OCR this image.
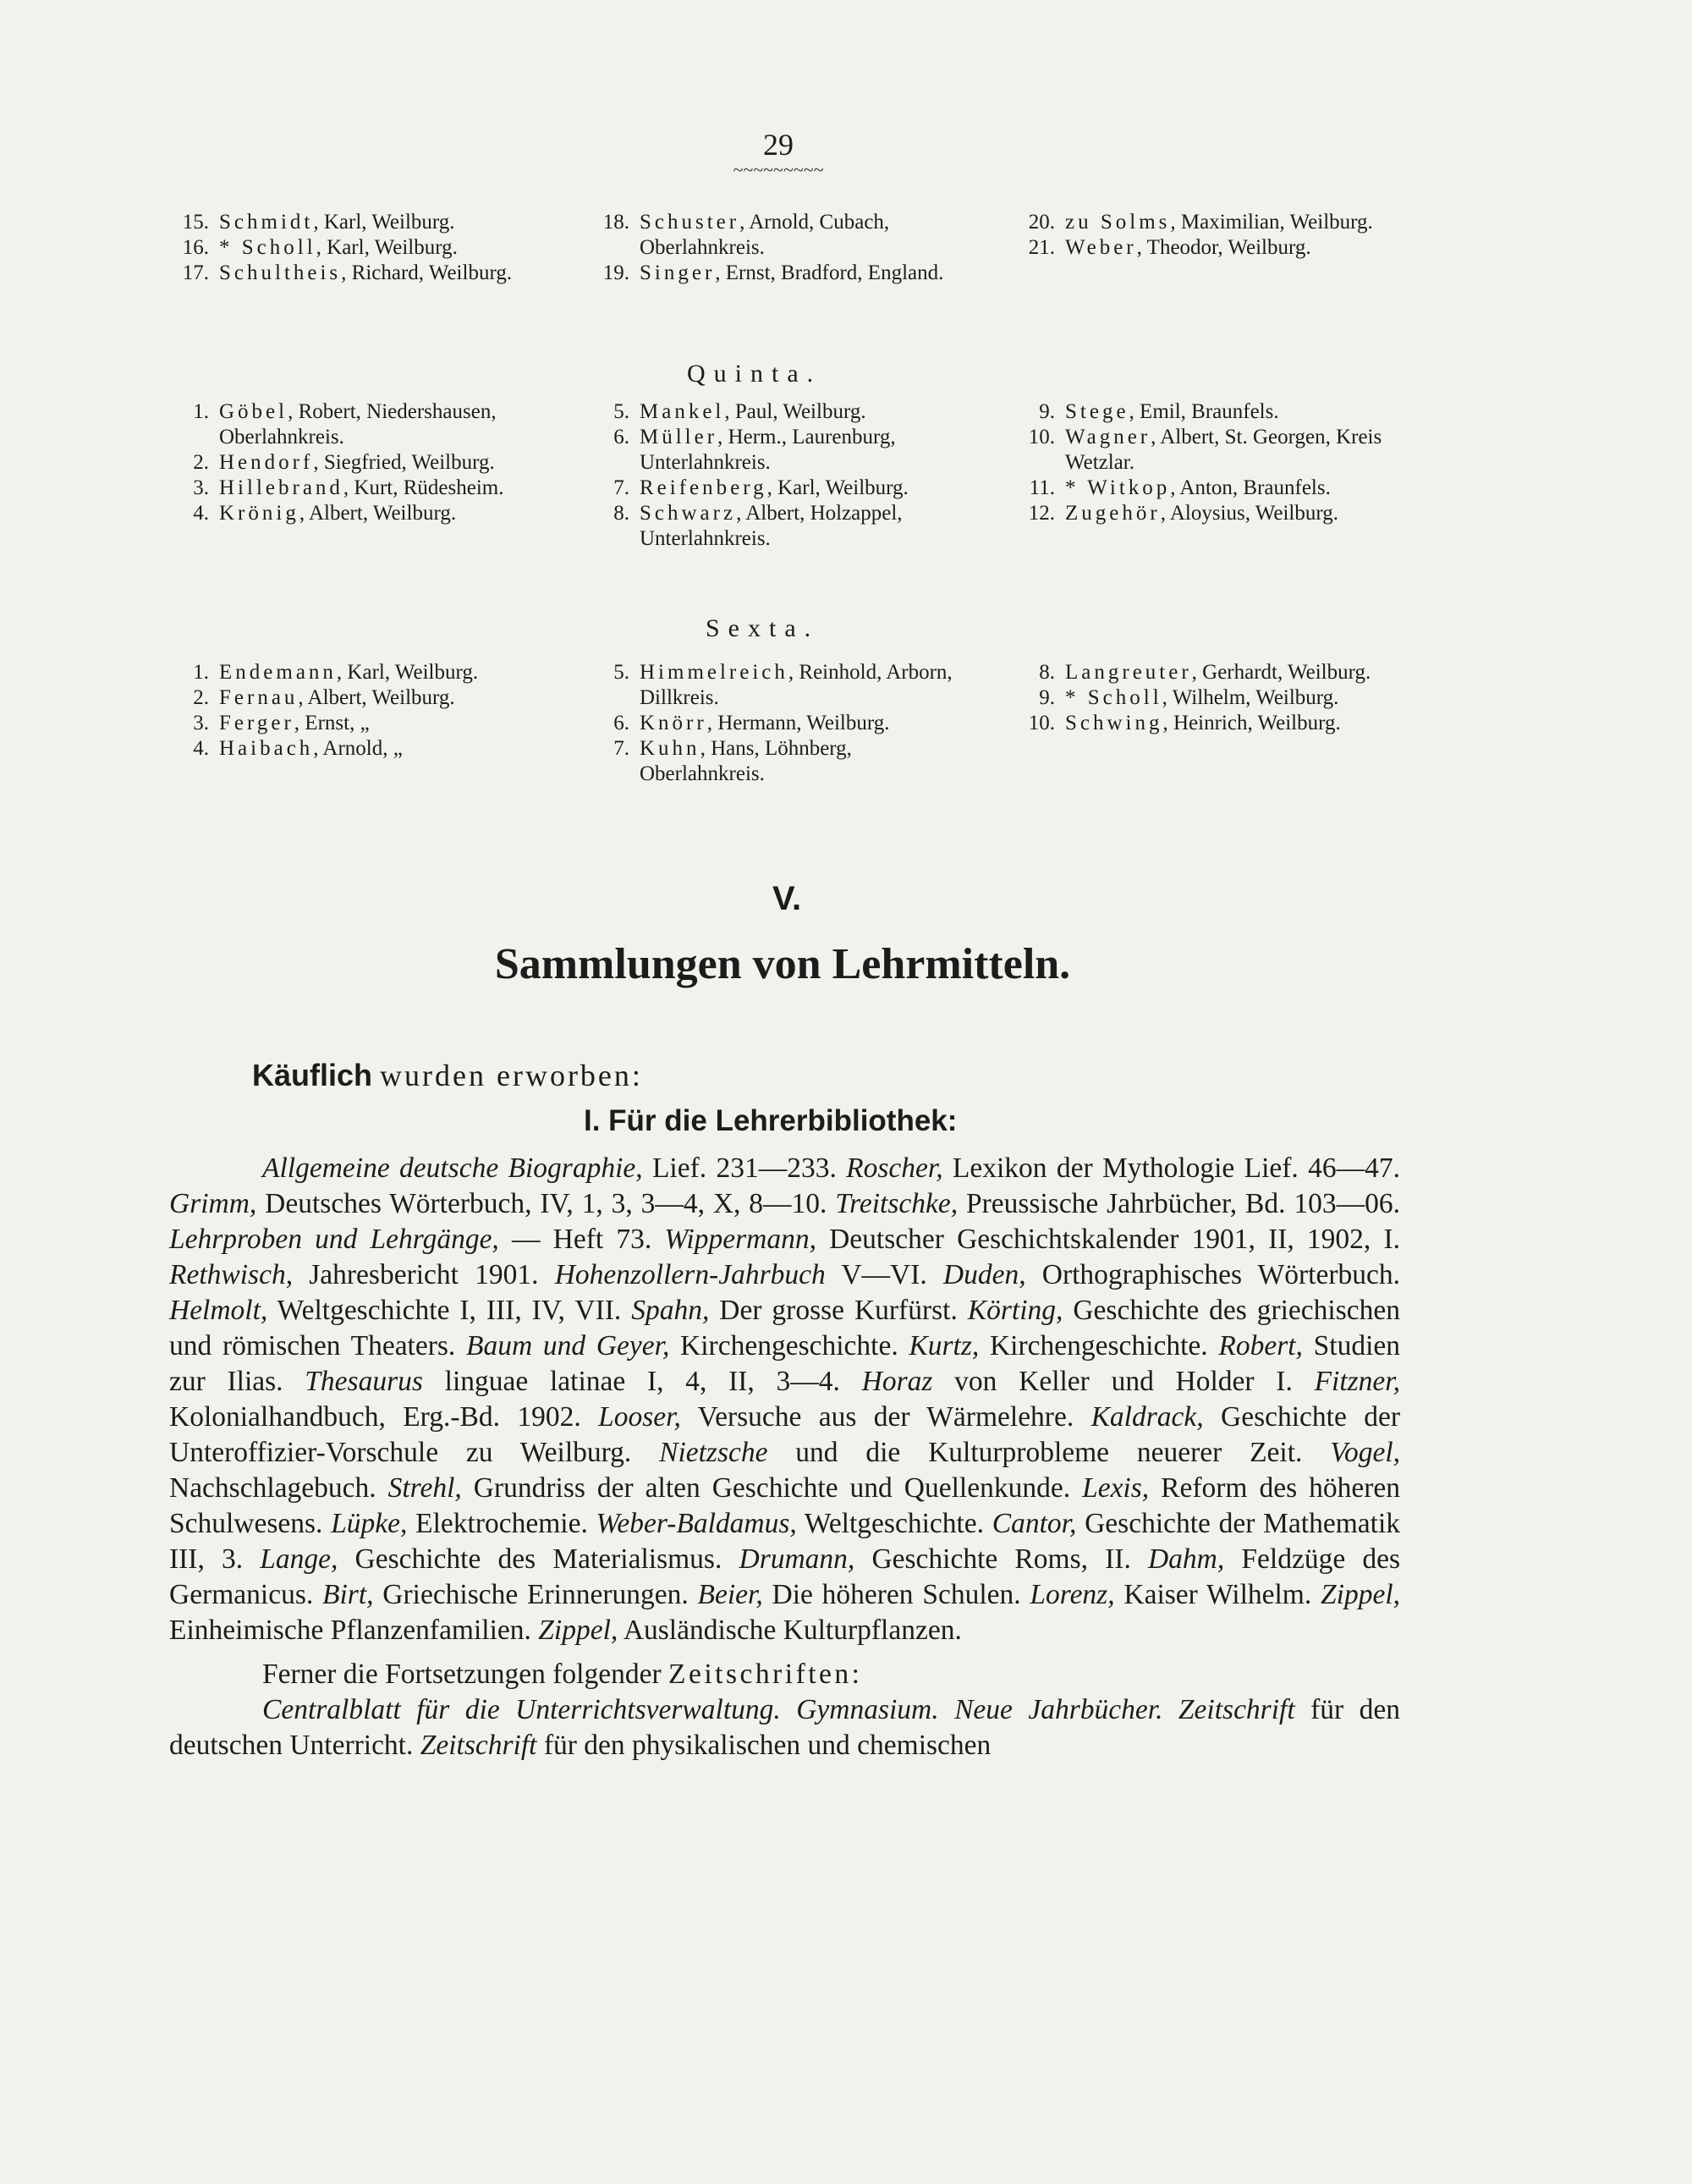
29
~~~~~~~~~
15. Schmidt, Karl, Weilburg.
16. * Scholl, Karl, Weilburg.
17. Schultheis, Richard, Weilburg.
18. Schuster, Arnold, Cubach, Oberlahnkreis.
19. Singer, Ernst, Bradford, England.
20. zu Solms, Maximilian, Weilburg.
21. Weber, Theodor, Weilburg.
Quinta.
1. Göbel, Robert, Niedershausen, Oberlahnkreis.
2. Hendorf, Siegfried, Weilburg.
3. Hillebrand, Kurt, Rüdesheim.
4. Krönig, Albert, Weilburg.
5. Mankel, Paul, Weilburg.
6. Müller, Herm., Laurenburg, Unterlahnkreis.
7. Reifenberg, Karl, Weilburg.
8. Schwarz, Albert, Holzappel, Unterlahnkreis.
9. Stege, Emil, Braunfels.
10. Wagner, Albert, St. Georgen, Kreis Wetzlar.
11. * Witkop, Anton, Braunfels.
12. Zugehör, Aloysius, Weilburg.
Sexta.
1. Endemann, Karl, Weilburg.
2. Fernau, Albert, Weilburg.
3. Ferger, Ernst, „
4. Haibach, Arnold, „
5. Himmelreich, Reinhold, Arborn, Dillkreis.
6. Knörr, Hermann, Weilburg.
7. Kuhn, Hans, Löhnberg, Oberlahnkreis.
8. Langreuter, Gerhardt, Weilburg.
9. * Scholl, Wilhelm, Weilburg.
10. Schwing, Heinrich, Weilburg.
V.
Sammlungen von Lehrmitteln.
Käuflich wurden erworben:
I. Für die Lehrerbibliothek:

Allgemeine deutsche Biographie, Lief. 231—233. Roscher, Lexikon der Mythologie Lief. 46—47. Grimm, Deutsches Wörterbuch, IV, 1, 3, 3—4, X, 8—10. Treitschke, Preussische Jahrbücher, Bd. 103—06. Lehrproben und Lehrgänge, — Heft 73. Wippermann, Deutscher Geschichtskalender 1901, II, 1902, I. Rethwisch, Jahresbericht 1901. Hohenzollern-Jahrbuch V—VI. Duden, Orthographisches Wörterbuch. Helmolt, Weltgeschichte I, III, IV, VII. Spahn, Der grosse Kurfürst. Körting, Geschichte des griechischen und römischen Theaters. Baum und Geyer, Kirchengeschichte. Kurtz, Kirchengeschichte. Robert, Studien zur Ilias. Thesaurus linguae latinae I, 4, II, 3—4. Horaz von Keller und Holder I. Fitzner, Kolonialhandbuch, Erg.-Bd. 1902. Looser, Versuche aus der Wärmelehre. Kaldrack, Geschichte der Unteroffizier-Vorschule zu Weilburg. Nietzsche und die Kulturprobleme neuerer Zeit. Vogel, Nachschlagebuch. Strehl, Grundriss der alten Geschichte und Quellenkunde. Lexis, Reform des höheren Schulwesens. Lüpke, Elektrochemie. Weber-Baldamus, Weltgeschichte. Cantor, Geschichte der Mathematik III, 3. Lange, Geschichte des Materialismus. Drumann, Geschichte Roms, II. Dahm, Feldzüge des Germanicus. Birt, Griechische Erinnerungen. Beier, Die höheren Schulen. Lorenz, Kaiser Wilhelm. Zippel, Einheimische Pflanzenfamilien. Zippel, Ausländische Kulturpflanzen.

Ferner die Fortsetzungen folgender Zeitschriften:

Centralblatt für die Unterrichtsverwaltung. Gymnasium. Neue Jahrbücher. Zeitschrift für den deutschen Unterricht. Zeitschrift für den physikalischen und chemischen
